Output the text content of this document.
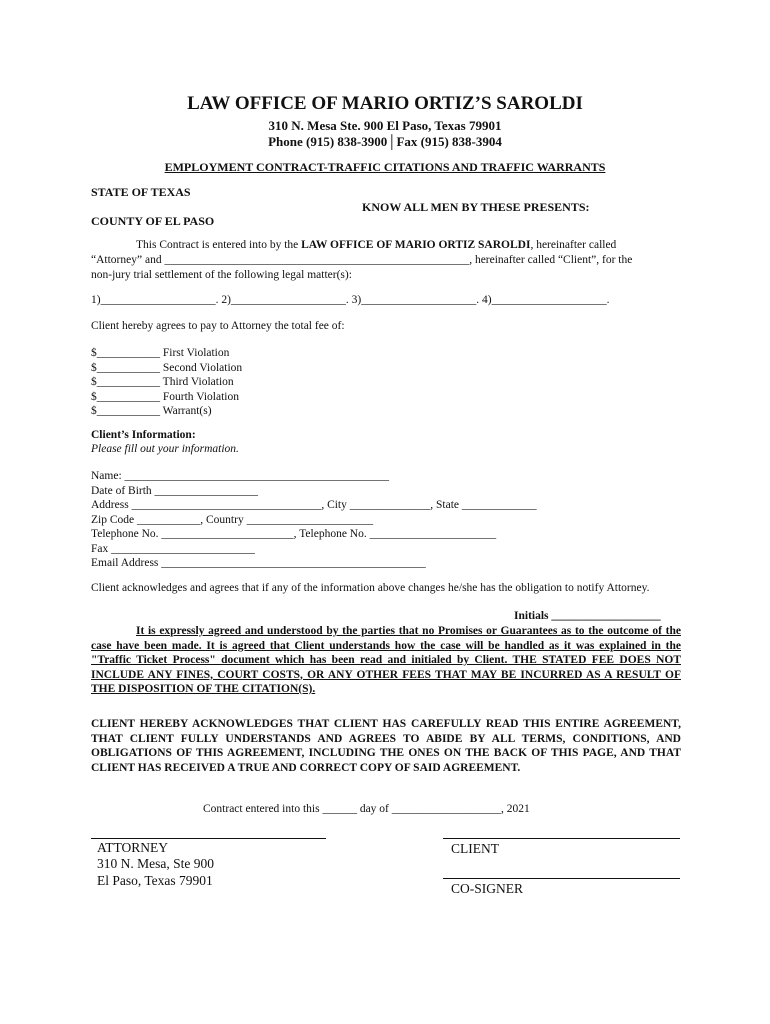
LAW OFFICE OF MARIO ORTIZ’S SAROLDI
310 N. Mesa Ste. 900 El Paso, Texas 79901
Phone (915) 838-3900│Fax (915) 838-3904
EMPLOYMENT CONTRACT-TRAFFIC CITATIONS AND TRAFFIC WARRANTS
STATE OF TEXAS
KNOW ALL MEN BY THESE PRESENTS:
COUNTY OF EL PASO
This Contract is entered into by the LAW OFFICE OF MARIO ORTIZ SAROLDI, hereinafter called
“Attorney” and _____________________________________________________, hereinafter called “Client”, for the
non-jury trial settlement of the following legal matter(s):
1)____________________. 2)____________________. 3)____________________. 4)____________________.
Client hereby agrees to pay to Attorney the total fee of:
$___________ First Violation
$___________ Second Violation
$___________ Third Violation
$___________ Fourth Violation
$___________ Warrant(s)
Client’s Information:
Please fill out your information.
Name: ______________________________________________
Date of Birth __________________
Address _________________________________, City ______________, State _____________
Zip Code ___________, Country ______________________
Telephone No. _______________________, Telephone No. ______________________
Fax _________________________
Email Address ______________________________________________
Client acknowledges and agrees that if any of the information above changes he/she has the obligation to notify Attorney.
Initials ___________________
It is expressly agreed and understood by the parties that no Promises or Guarantees as to the outcome of the case have been made. It is agreed that Client understands how the case will be handled as it was explained in the "Traffic Ticket Process" document which has been read and initialed by Client. THE STATED FEE DOES NOT INCLUDE ANY FINES, COURT COSTS, OR ANY OTHER FEES THAT MAY BE INCURRED AS A RESULT OF THE DISPOSITION OF THE CITATION(S).
CLIENT HEREBY ACKNOWLEDGES THAT CLIENT HAS CAREFULLY READ THIS ENTIRE AGREEMENT, THAT CLIENT FULLY UNDERSTANDS AND AGREES TO ABIDE BY ALL TERMS, CONDITIONS, AND OBLIGATIONS OF THIS AGREEMENT, INCLUDING THE ONES ON THE BACK OF THIS PAGE, AND THAT CLIENT HAS RECEIVED A TRUE AND CORRECT COPY OF SAID AGREEMENT.
Contract entered into this ______ day of ___________________, 2021
ATTORNEY
310 N. Mesa, Ste 900
El Paso, Texas 79901
CLIENT
CO-SIGNER
